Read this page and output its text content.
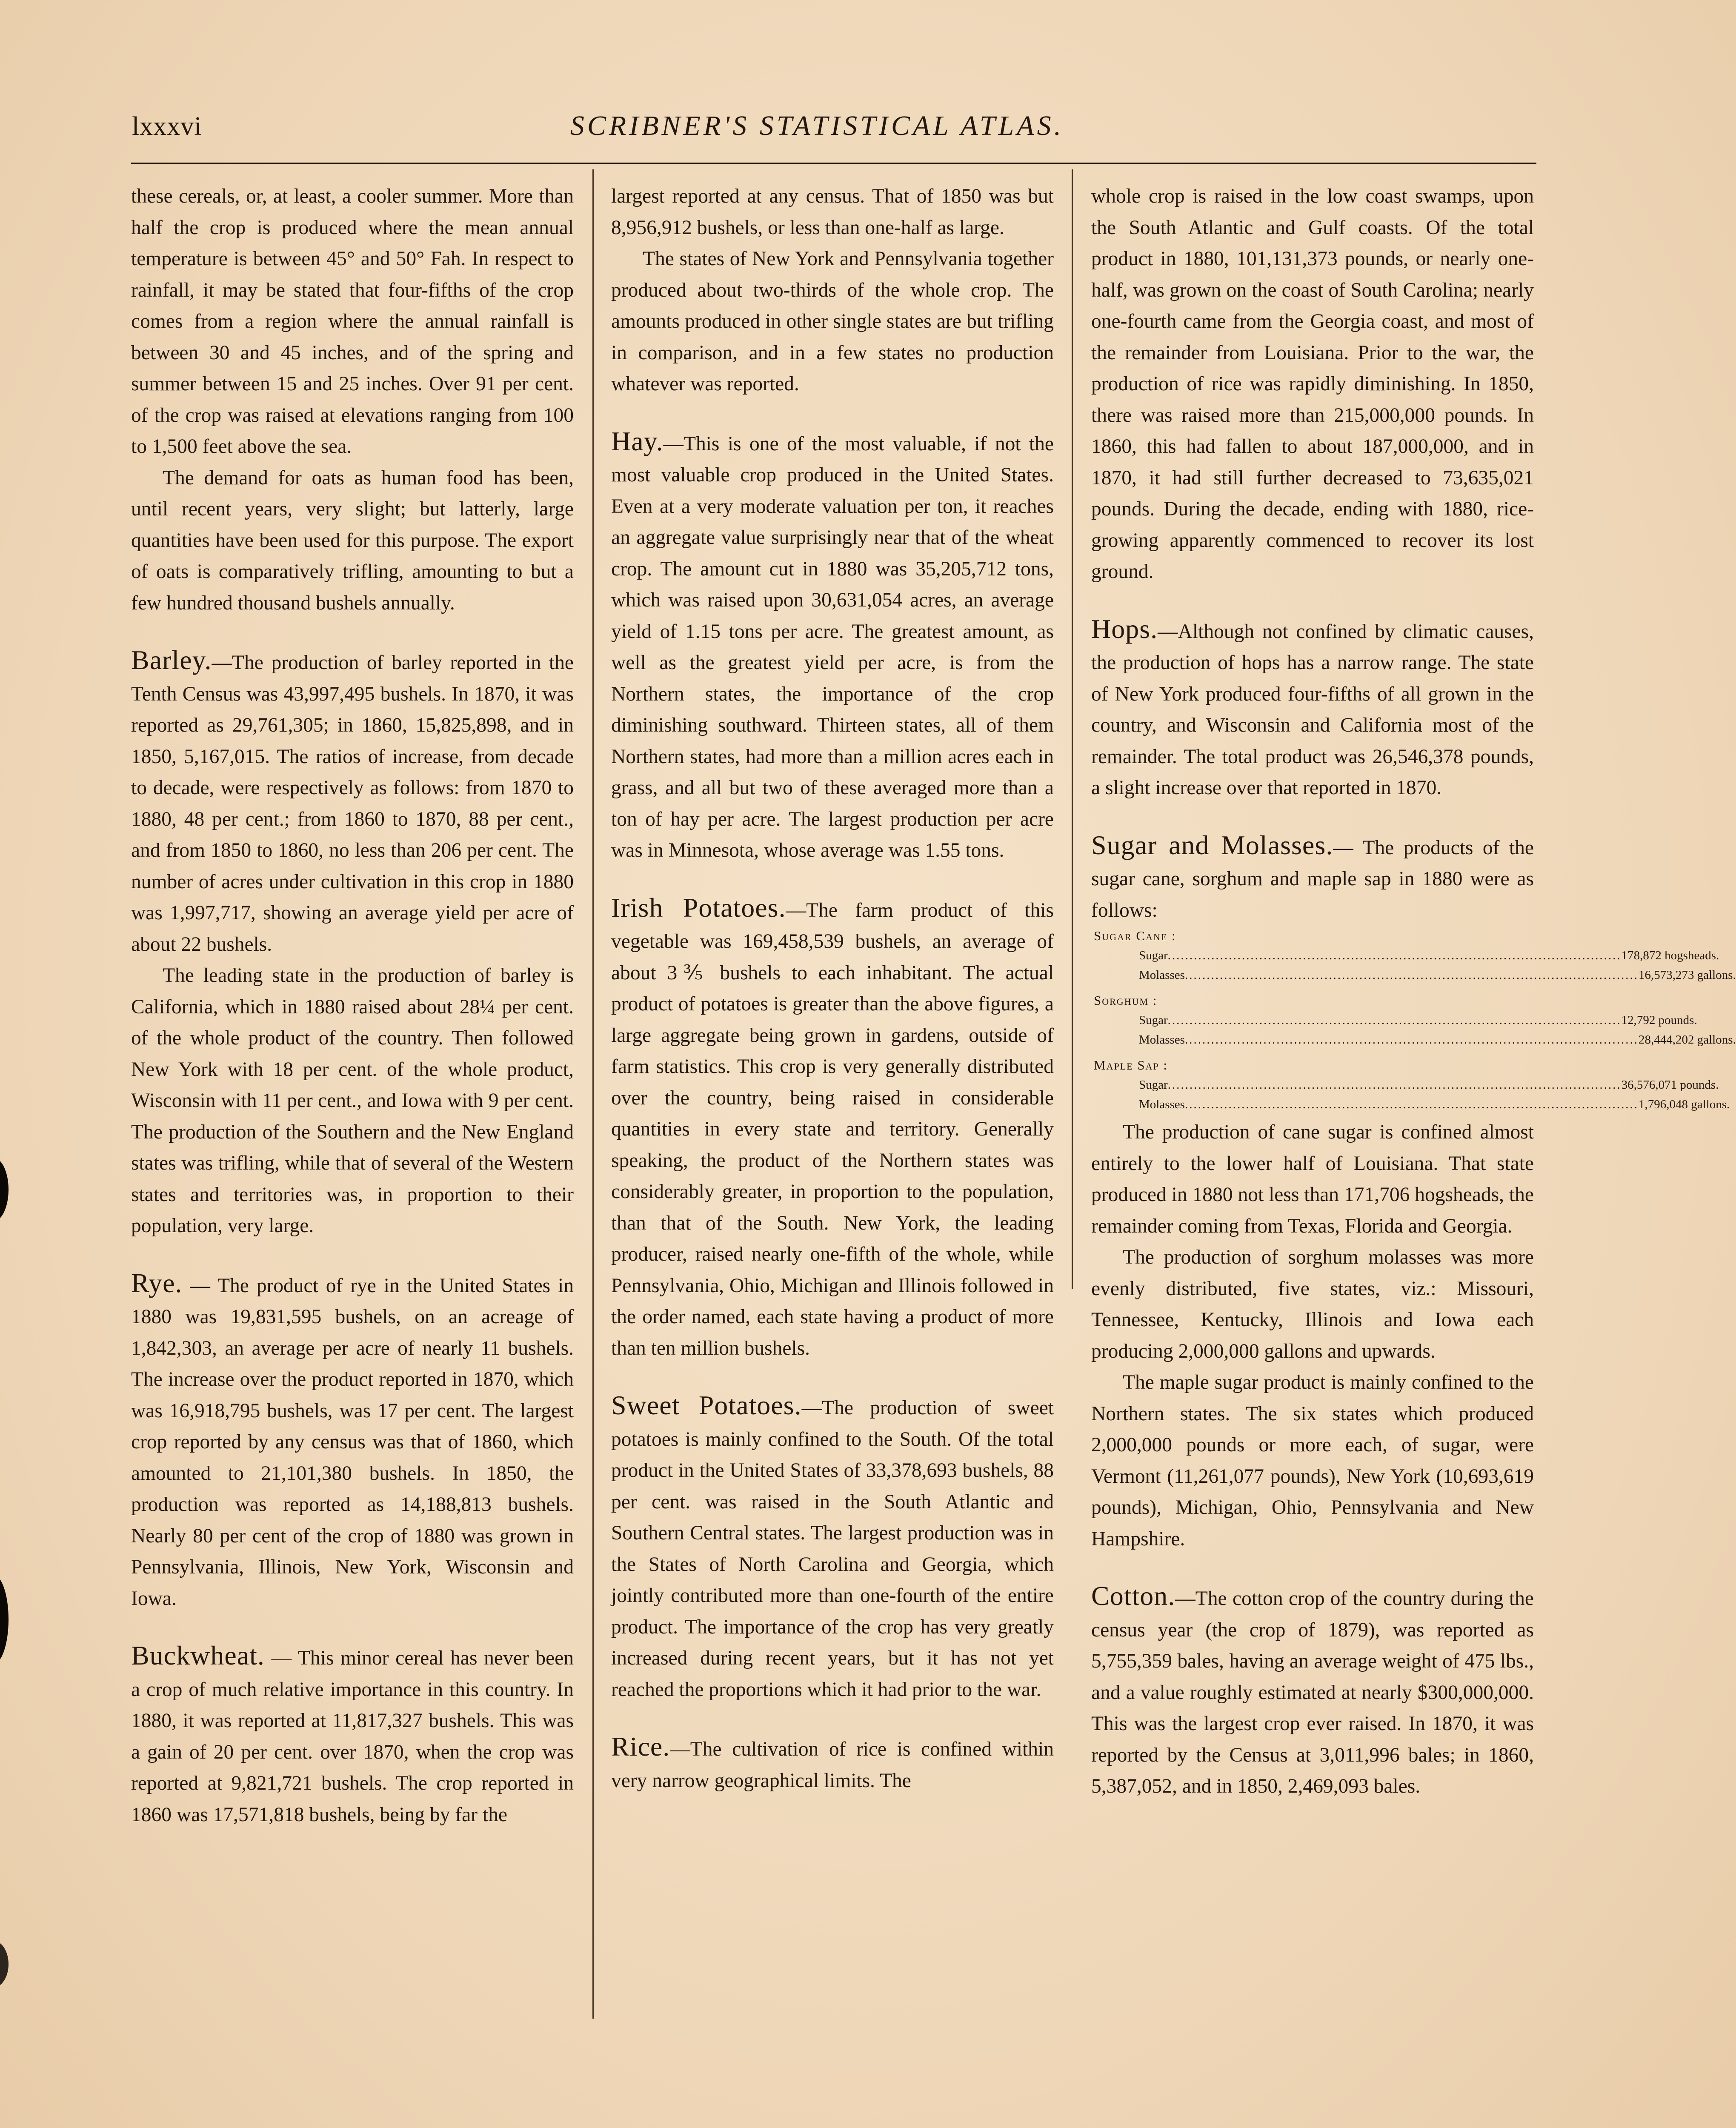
lxxxvi	SCRIBNER'S STATISTICAL ATLAS.

these cereals, or, at least, a cooler summer. More than half the crop is produced where the mean annual temperature is between 45° and 50° Fah. In respect to rainfall, it may be stated that four-fifths of the crop comes from a region where the annual rainfall is between 30 and 45 inches, and of the spring and summer between 15 and 25 inches. Over 91 per cent. of the crop was raised at elevations ranging from 100 to 1,500 feet above the sea.

The demand for oats as human food has been, until recent years, very slight; but latterly, large quantities have been used for this purpose. The export of oats is comparatively trifling, amounting to but a few hundred thousand bushels annually.

Barley.—The production of barley reported in the Tenth Census was 43,997,495 bushels. In 1870, it was reported as 29,761,305; in 1860, 15,825,898, and in 1850, 5,167,015. The ratios of increase, from decade to decade, were respectively as follows: from 1870 to 1880, 48 per cent.; from 1860 to 1870, 88 per cent., and from 1850 to 1860, no less than 206 per cent. The number of acres under cultivation in this crop in 1880 was 1,997,717, showing an average yield per acre of about 22 bushels.

The leading state in the production of barley is California, which in 1880 raised about 28¼ per cent. of the whole product of the country. Then followed New York with 18 per cent. of the whole product, Wisconsin with 11 per cent., and Iowa with 9 per cent. The production of the Southern and the New England states was trifling, while that of several of the Western states and territories was, in proportion to their population, very large.

Rye. — The product of rye in the United States in 1880 was 19,831,595 bushels, on an acreage of 1,842,303, an average per acre of nearly 11 bushels. The increase over the product reported in 1870, which was 16,918,795 bushels, was 17 per cent. The largest crop reported by any census was that of 1860, which amounted to 21,101,380 bushels. In 1850, the production was reported as 14,188,813 bushels. Nearly 80 per cent of the crop of 1880 was grown in Pennsylvania, Illinois, New York, Wisconsin and Iowa.

Buckwheat. — This minor cereal has never been a crop of much relative importance in this country. In 1880, it was reported at 11,817,327 bushels. This was a gain of 20 per cent. over 1870, when the crop was reported at 9,821,721 bushels. The crop reported in 1860 was 17,571,818 bushels, being by far the

largest reported at any census. That of 1850 was but 8,956,912 bushels, or less than one-half as large.

The states of New York and Pennsylvania together produced about two-thirds of the whole crop. The amounts produced in other single states are but trifling in comparison, and in a few states no production whatever was reported.

Hay.—This is one of the most valuable, if not the most valuable crop produced in the United States. Even at a very moderate valuation per ton, it reaches an aggregate value surprisingly near that of the wheat crop. The amount cut in 1880 was 35,205,712 tons, which was raised upon 30,631,054 acres, an average yield of 1.15 tons per acre. The greatest amount, as well as the greatest yield per acre, is from the Northern states, the importance of the crop diminishing southward. Thirteen states, all of them Northern states, had more than a million acres each in grass, and all but two of these averaged more than a ton of hay per acre. The largest production per acre was in Minnesota, whose average was 1.55 tons.

Irish Potatoes.—The farm product of this vegetable was 169,458,539 bushels, an average of about 3⅗ bushels to each inhabitant. The actual product of potatoes is greater than the above figures, a large aggregate being grown in gardens, outside of farm statistics. This crop is very generally distributed over the country, being raised in considerable quantities in every state and territory. Generally speaking, the product of the Northern states was considerably greater, in proportion to the population, than that of the South. New York, the leading producer, raised nearly one-fifth of the whole, while Pennsylvania, Ohio, Michigan and Illinois followed in the order named, each state having a product of more than ten million bushels.

Sweet Potatoes.—The production of sweet potatoes is mainly confined to the South. Of the total product in the United States of 33,378,693 bushels, 88 per cent. was raised in the South Atlantic and Southern Central states. The largest production was in the States of North Carolina and Georgia, which jointly contributed more than one-fourth of the entire product. The importance of the crop has very greatly increased during recent years, but it has not yet reached the proportions which it had prior to the war.

Rice.—The cultivation of rice is confined within very narrow geographical limits. The

whole crop is raised in the low coast swamps, upon the South Atlantic and Gulf coasts. Of the total product in 1880, 101,131,373 pounds, or nearly one-half, was grown on the coast of South Carolina; nearly one-fourth came from the Georgia coast, and most of the remainder from Louisiana. Prior to the war, the production of rice was rapidly diminishing. In 1850, there was raised more than 215,000,000 pounds. In 1860, this had fallen to about 187,000,000, and in 1870, it had still further decreased to 73,635,021 pounds. During the decade, ending with 1880, rice-growing apparently commenced to recover its lost ground.

Hops.—Although not confined by climatic causes, the production of hops has a narrow range. The state of New York produced four-fifths of all grown in the country, and Wisconsin and California most of the remainder. The total product was 26,546,378 pounds, a slight increase over that reported in 1870.

Sugar and Molasses.— The products of the sugar cane, sorghum and maple sap in 1880 were as follows:

Sugar Cane :
Sugar ........................................................................................................ 178,872 hogsheads.
Molasses ........................................................................................................ 16,573,273 gallons.
Sorghum :
Sugar ........................................................................................................ 12,792 pounds.
Molasses ........................................................................................................ 28,444,202 gallons.
Maple Sap :
Sugar ........................................................................................................ 36,576,071 pounds.
Molasses ........................................................................................................ 1,796,048 gallons.

The production of cane sugar is confined almost entirely to the lower half of Louisiana. That state produced in 1880 not less than 171,706 hogsheads, the remainder coming from Texas, Florida and Georgia.

The production of sorghum molasses was more evenly distributed, five states, viz.: Missouri, Tennessee, Kentucky, Illinois and Iowa each producing 2,000,000 gallons and upwards.

The maple sugar product is mainly confined to the Northern states. The six states which produced 2,000,000 pounds or more each, of sugar, were Vermont (11,261,077 pounds), New York (10,693,619 pounds), Michigan, Ohio, Pennsylvania and New Hampshire.

Cotton.—The cotton crop of the country during the census year (the crop of 1879), was reported as 5,755,359 bales, having an average weight of 475 lbs., and a value roughly estimated at nearly $300,000,000. This was the largest crop ever raised. In 1870, it was reported by the Census at 3,011,996 bales; in 1860, 5,387,052, and in 1850, 2,469,093 bales.
